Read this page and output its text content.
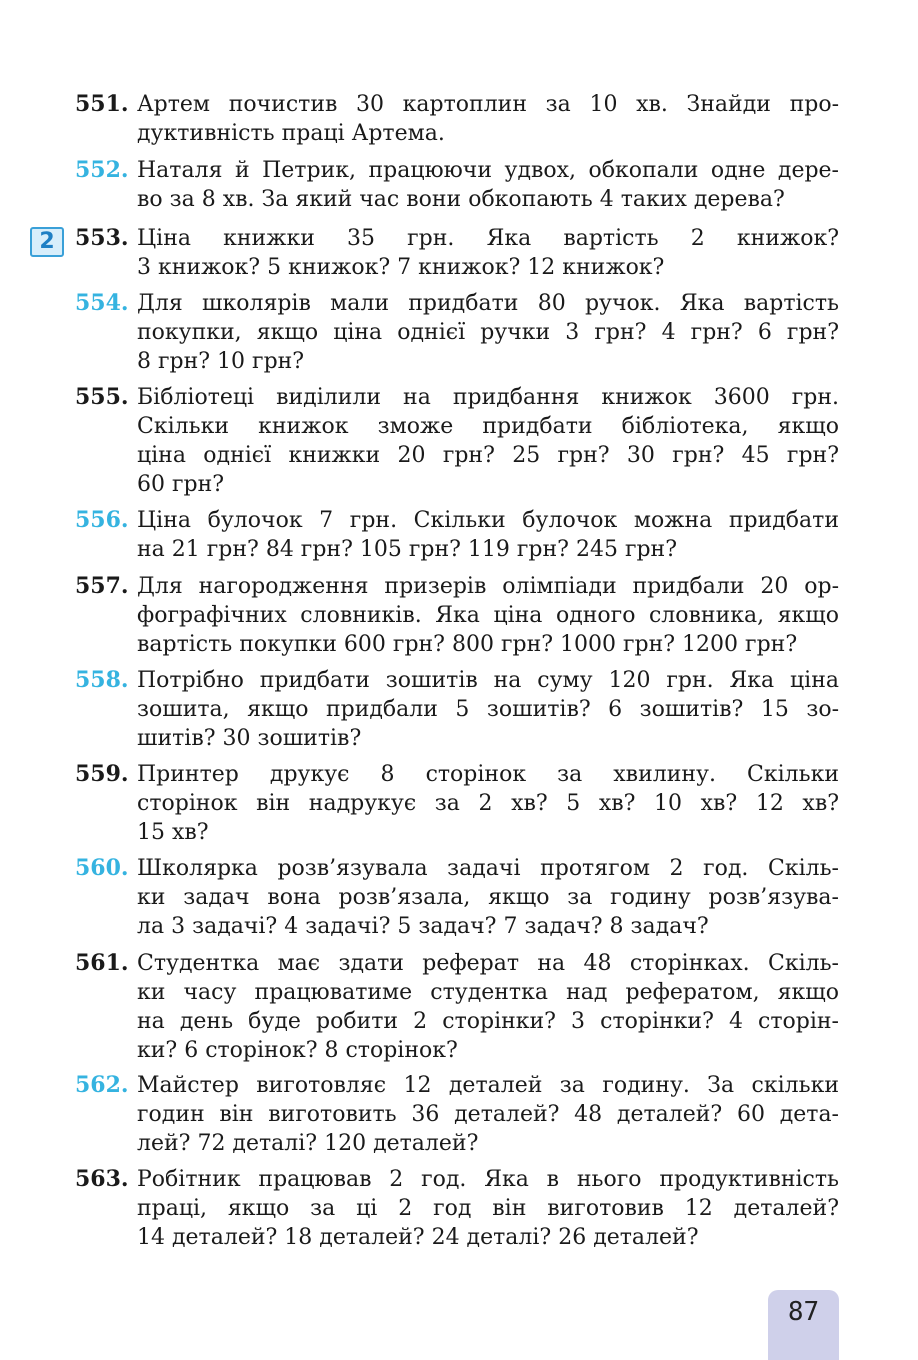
2
551. Артем почистив 30 картоплин за 10 хв. Знайди про-
дуктивність праці Артема.
552. Наталя й Петрик, працюючи удвох, обкопали одне дере-
во за 8 хв. За який час вони обкопають 4 таких дерева?
553. Ціна книжки 35 грн. Яка вартість 2 книжок?
3 книжок? 5 книжок? 7 книжок? 12 книжок?
554. Для школярів мали придбати 80 ручок. Яка вартість
покупки, якщо ціна однієї ручки 3 грн? 4 грн? 6 грн?
8 грн? 10 грн?
555. Бібліотеці виділили на придбання книжок 3600 грн.
Скільки книжок зможе придбати бібліотека, якщо
ціна однієї книжки 20 грн? 25 грн? 30 грн? 45 грн?
60 грн?
556. Ціна булочок 7 грн. Скільки булочок можна придбати
на 21 грн? 84 грн? 105 грн? 119 грн? 245 грн?
557. Для нагородження призерів олімпіади придбали 20 ор-
фографічних словників. Яка ціна одного словника, якщо
вартість покупки 600 грн? 800 грн? 1000 грн? 1200 грн?
558. Потрібно придбати зошитів на суму 120 грн. Яка ціна
зошита, якщо придбали 5 зошитів? 6 зошитів? 15 зо-
шитів? 30 зошитів?
559. Принтер друкує 8 сторінок за хвилину. Скільки
сторінок він надрукує за 2 хв? 5 хв? 10 хв? 12 хв?
15 хв?
560. Школярка розв’язувала задачі протягом 2 год. Скіль-
ки задач вона розв’язала, якщо за годину розв’язува-
ла 3 задачі? 4 задачі? 5 задач? 7 задач? 8 задач?
561. Студентка має здати реферат на 48 сторінках. Скіль-
ки часу працюватиме студентка над рефератом, якщо
на день буде робити 2 сторінки? 3 сторінки? 4 сторін-
ки? 6 сторінок? 8 сторінок?
562. Майстер виготовляє 12 деталей за годину. За скільки
годин він виготовить 36 деталей? 48 деталей? 60 дета-
лей? 72 деталі? 120 деталей?
563. Робітник працював 2 год. Яка в нього продуктивність
праці, якщо за ці 2 год він виготовив 12 деталей?
14 деталей? 18 деталей? 24 деталі? 26 деталей?
87
